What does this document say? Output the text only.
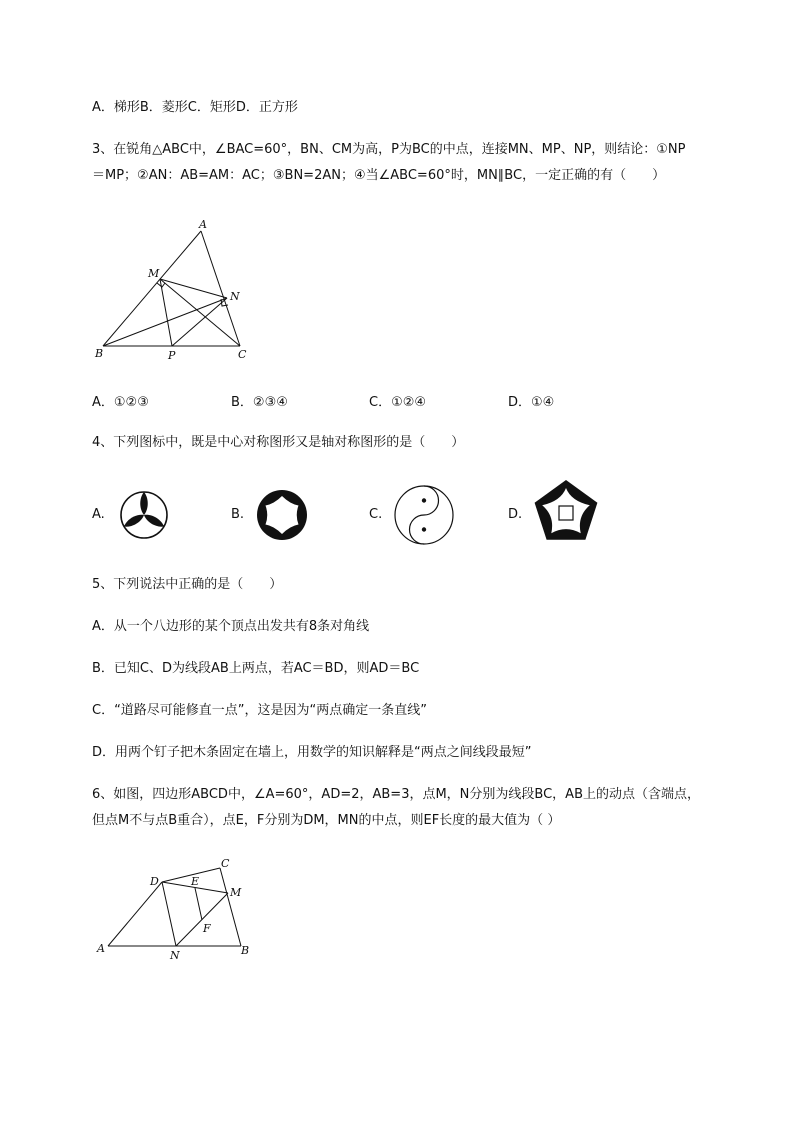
A．梯形B．菱形C．矩形D．正方形
3、在锐角△ABC中，∠BAC=60°，BN、CM为高，P为BC的中点，连接MN、MP、NP，则结论：①NP
＝MP；②AN：AB=AM：AC；③BN=2AN；④当∠ABC=60°时，MN∥BC，一定正确的有（　　）
A
M
N
B	P	C
A．①②③	B．②③④	C．①②④	D．①④
4、下列图标中，既是中心对称图形又是轴对称图形的是（　　）
A.	B.	C.	D.
5、下列说法中正确的是（　　）
A．从一个八边形的某个顶点出发共有8条对角线
B．已知C、D为线段AB上两点，若AC＝BD，则AD＝BC
C．“道路尽可能修直一点”，这是因为“两点确定一条直线”
D．用两个钉子把木条固定在墙上，用数学的知识解释是“两点之间线段最短”
6、如图，四边形ABCD中，∠A=60°，AD=2，AB=3，点M，N分别为线段BC，AB上的动点（含端点，
但点M不与点B重合），点E，F分别为DM，MN的中点，则EF长度的最大值为（ ）
C
D	E
M
F
A
N	B
